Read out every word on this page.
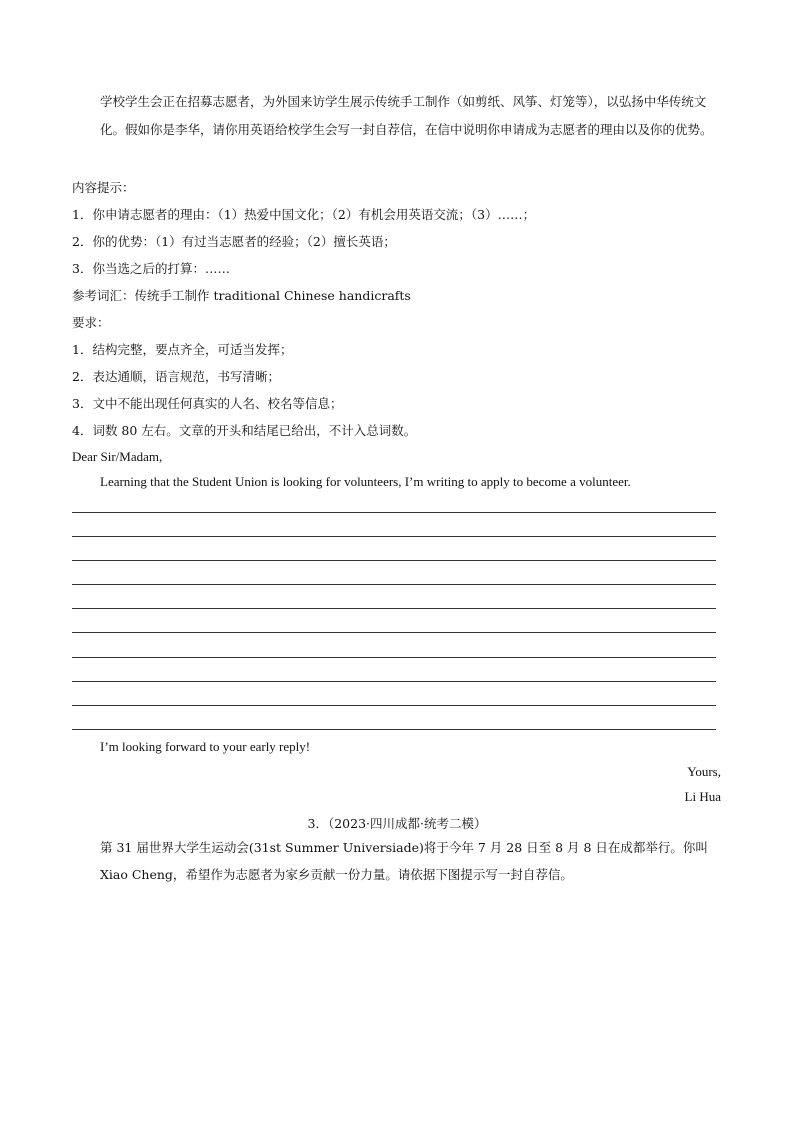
学校学生会正在招募志愿者，为外国来访学生展示传统手工制作（如剪纸、风筝、灯笼等），以弘扬中华传统文化。假如你是李华，请你用英语给校学生会写一封自荐信，在信中说明你申请成为志愿者的理由以及你的优势。
内容提示：
1．你申请志愿者的理由：（1）热爱中国文化；（2）有机会用英语交流；（3）……；
2．你的优势：（1）有过当志愿者的经验；（2）擅长英语；
3．你当选之后的打算：……
参考词汇：传统手工制作 traditional Chinese handicrafts
要求：
1．结构完整，要点齐全，可适当发挥；
2．表达通顺，语言规范，书写清晰；
3．文中不能出现任何真实的人名、校名等信息；
4．词数 80 左右。文章的开头和结尾已给出，不计入总词数。
Dear Sir/Madam,
Learning that the Student Union is looking for volunteers, I’m writing to apply to become a volunteer.
I’m looking forward to your early reply!
Yours,
Li Hua
3．（2023·四川成都·统考二模）
第 31 届世界大学生运动会(31st Summer Universiade)将于今年 7 月 28 日至 8 月 8 日在成都举行。你叫 Xiao Cheng，希望作为志愿者为家乡贡献一份力量。请依据下图提示写一封自荐信。
